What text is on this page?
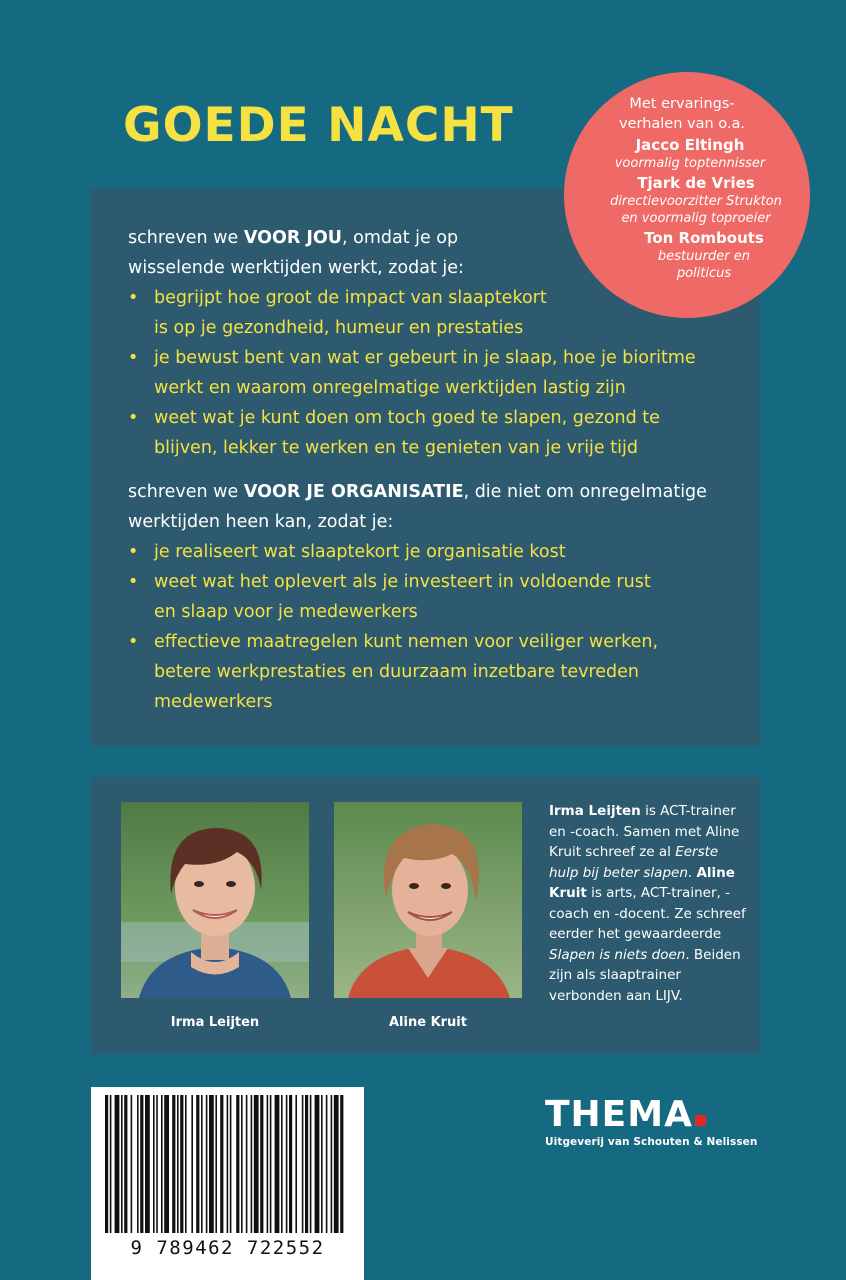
GOEDE NACHT	Met ervarings-
verhalen van o.a.
Jacco Eltingh
voormalig toptennisser
Tjark de Vries
directievoorzitter Strukton
en voormalig toproeier
Ton Rombouts
bestuurder en
politicus

schreven we VOOR JOU, omdat je op

wisselende werktijden werkt, zodat je:

• begrijpt hoe groot de impact van slaaptekort
is op je gezondheid, humeur en prestaties
• je bewust bent van wat er gebeurt in je slaap, hoe je bioritme
werkt en waarom onregelmatige werktijden lastig zijn
• weet wat je kunt doen om toch goed te slapen, gezond te
blijven, lekker te werken en te genieten van je vrije tijd

schreven we VOOR JE ORGANISATIE, die niet om onregelmatige

werktijden heen kan, zodat je:

• je realiseert wat slaaptekort je organisatie kost
• weet wat het oplevert als je investeert in voldoende rust
en slaap voor je medewerkers
• effectieve maatregelen kunt nemen voor veiliger werken,
betere werkprestaties en duurzaam inzetbare tevreden
medewerkers
Irma Leijten	Aline Kruit
Irma Leijten is ACT-trainer en -coach. Samen met Aline Kruit schreef ze al Eerste hulp bij beter slapen. Aline Kruit is arts, ACT-trainer, -coach en -docent. Ze schreef eerder het gewaardeerde Slapen is niets doen. Beiden zijn als slaaptrainer verbonden aan LIJV.
9 789462 722552
THEMA
Uitgeverij van Schouten & Nelissen
